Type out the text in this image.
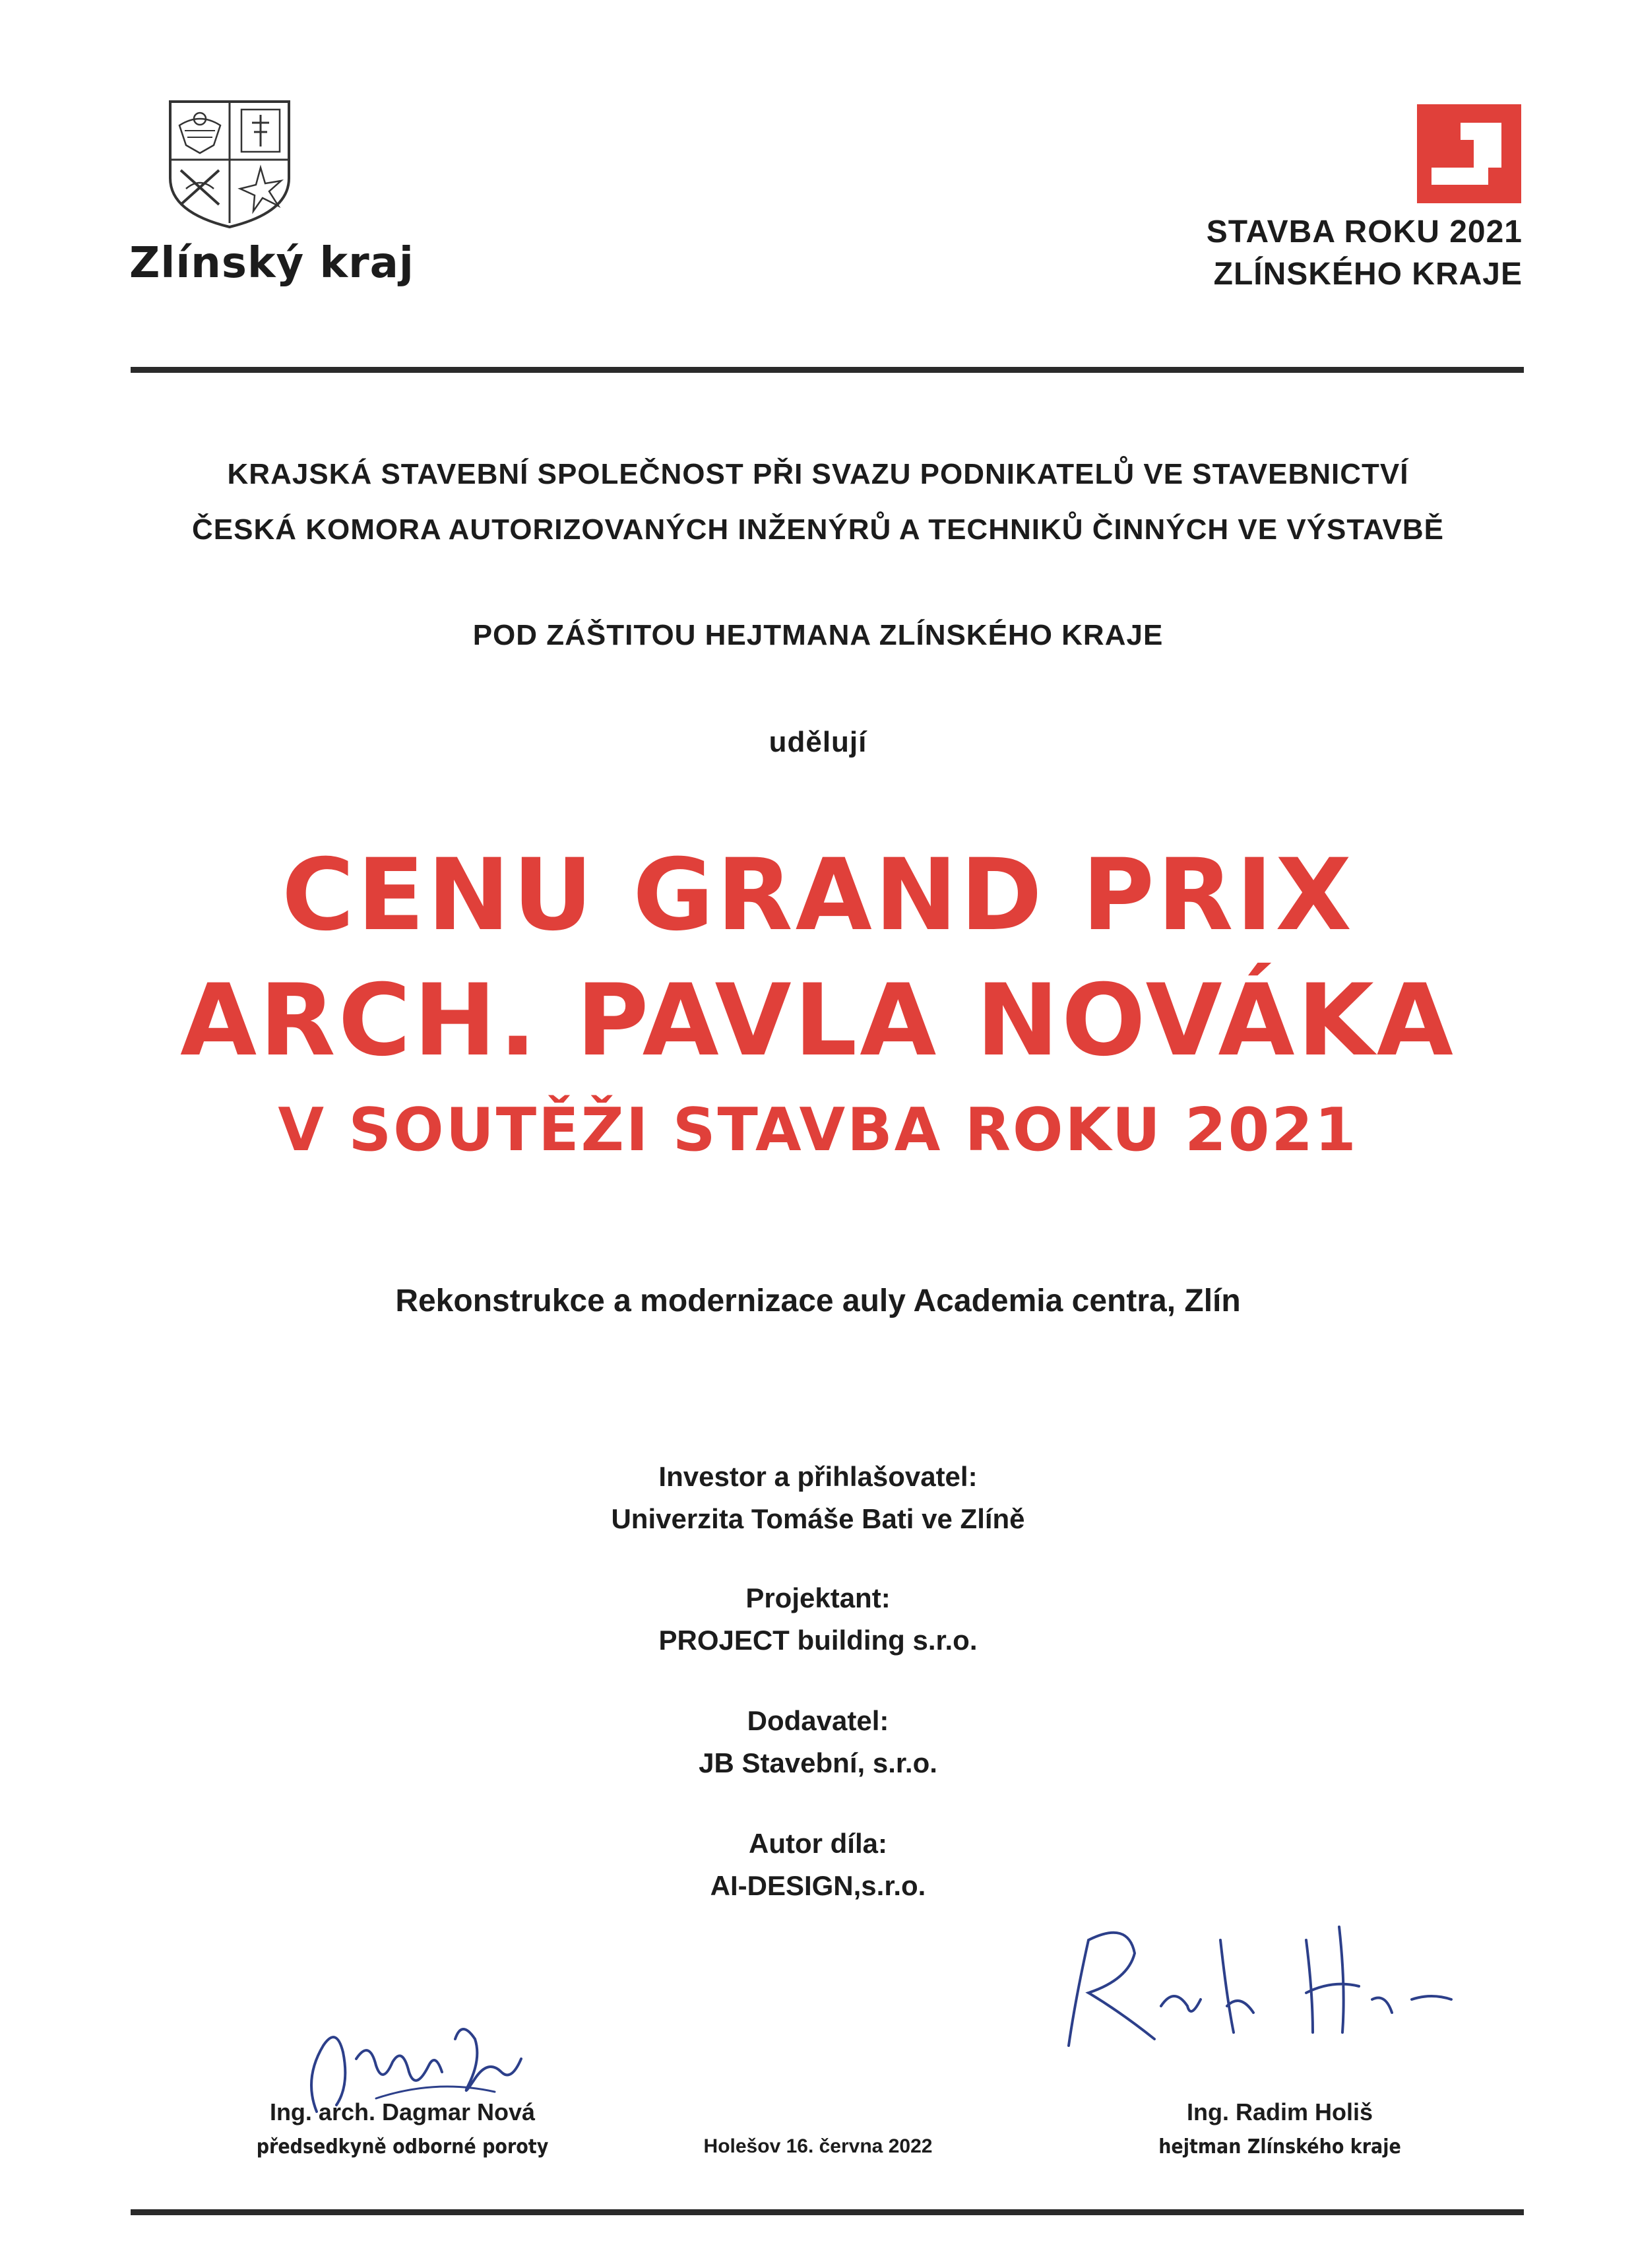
Zlínský kraj
STAVBA ROKU 2021
ZLÍNSKÉHO KRAJE
KRAJSKÁ STAVEBNÍ SPOLEČNOST PŘI SVAZU PODNIKATELŮ VE STAVEBNICTVÍ
ČESKÁ KOMORA AUTORIZOVANÝCH INŽENÝRŮ A TECHNIKŮ ČINNÝCH VE VÝSTAVBĚ
POD ZÁŠTITOU HEJTMANA ZLÍNSKÉHO KRAJE
udělují
CENU GRAND PRIX
ARCH. PAVLA NOVÁKA
V SOUTĚŽI STAVBA ROKU 2021
Rekonstrukce a modernizace auly Academia centra, Zlín
Investor a přihlašovatel:
Univerzita Tomáše Bati ve Zlíně
Projektant:
PROJECT building s.r.o.
Dodavatel:
JB Stavební, s.r.o.
Autor díla:
AI-DESIGN,s.r.o.
Ing. arch. Dagmar Nová
předsedkyně odborné poroty	Holešov 16. června 2022
Ing. Radim Holiš
hejtman Zlínského kraje
